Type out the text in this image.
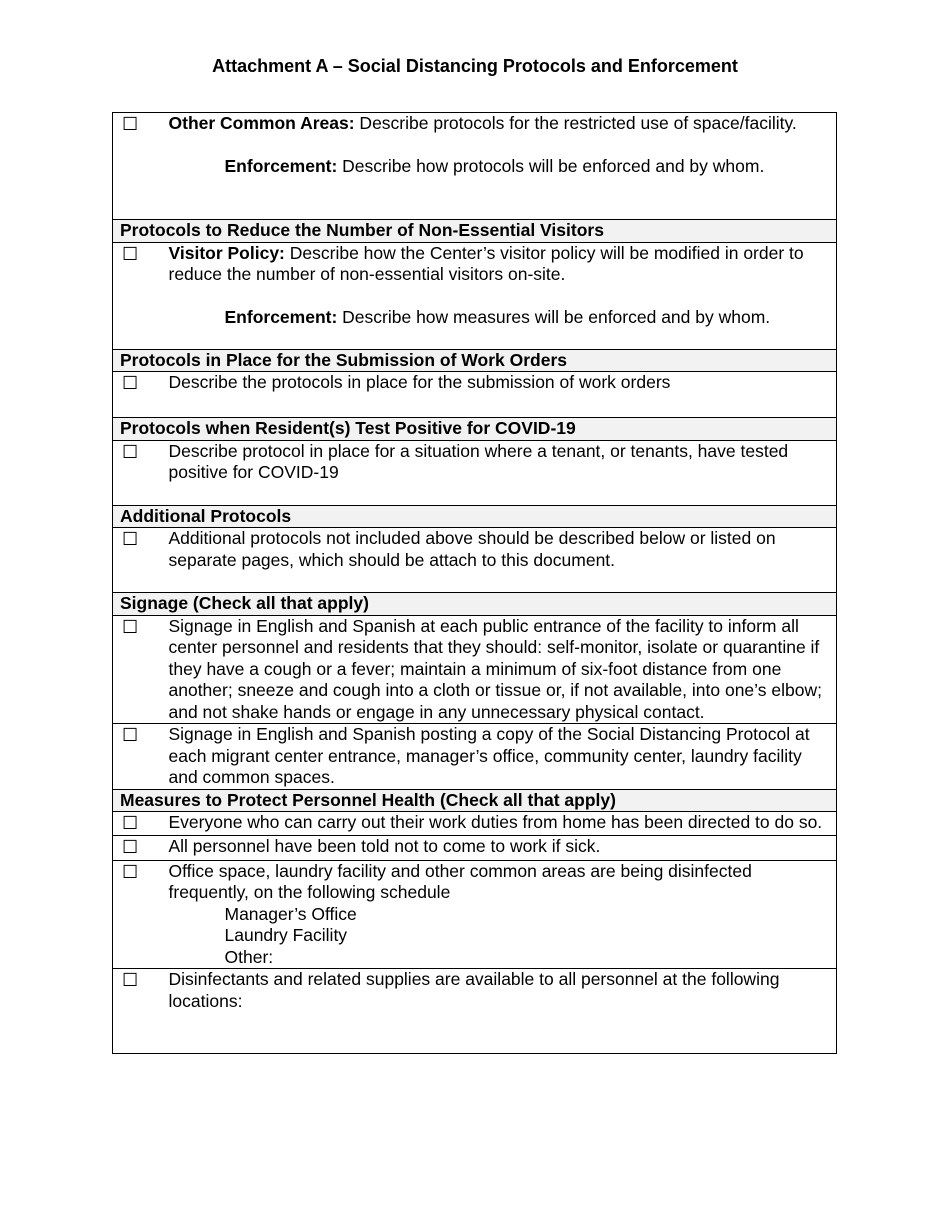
Attachment A – Social Distancing Protocols and Enforcement
☐	Other Common Areas: Describe protocols for the restricted use of space/facility.
Enforcement: Describe how protocols will be enforced and by whom.

Protocols to Reduce the Number of Non-Essential Visitors	
☐	Visitor Policy: Describe how the Center’s visitor policy will be modified in order to reduce the number of non-essential visitors on-site.
Enforcement: Describe how measures will be enforced and by whom.

Protocols in Place for the Submission of Work Orders	
☐	Describe the protocols in place for the submission of work orders
Protocols when Resident(s) Test Positive for COVID-19	
☐	Describe protocol in place for a situation where a tenant, or tenants, have tested positive for COVID-19
Additional Protocols	
☐	Additional protocols not included above should be described below or listed on separate pages, which should be attach to this document.
Signage (Check all that apply)	
☐	Signage in English and Spanish at each public entrance of the facility to inform all center personnel and residents that they should: self-monitor, isolate or quarantine if they have a cough or a fever; maintain a minimum of six-foot distance from one another; sneeze and cough into a cloth or tissue or, if not available, into one’s elbow; and not shake hands or engage in any unnecessary physical contact.
☐	Signage in English and Spanish posting a copy of the Social Distancing Protocol at each migrant center entrance, manager’s office, community center, laundry facility and common spaces.
Measures to Protect Personnel Health (Check all that apply)	
☐	Everyone who can carry out their work duties from home has been directed to do so.
☐	All personnel have been told not to come to work if sick.
☐	Office space, laundry facility and other common areas are being disinfected frequently, on the following schedule
Manager’s Office
Laundry Facility
Other:

☐	Disinfectants and related supplies are available to all personnel at the following locations:
